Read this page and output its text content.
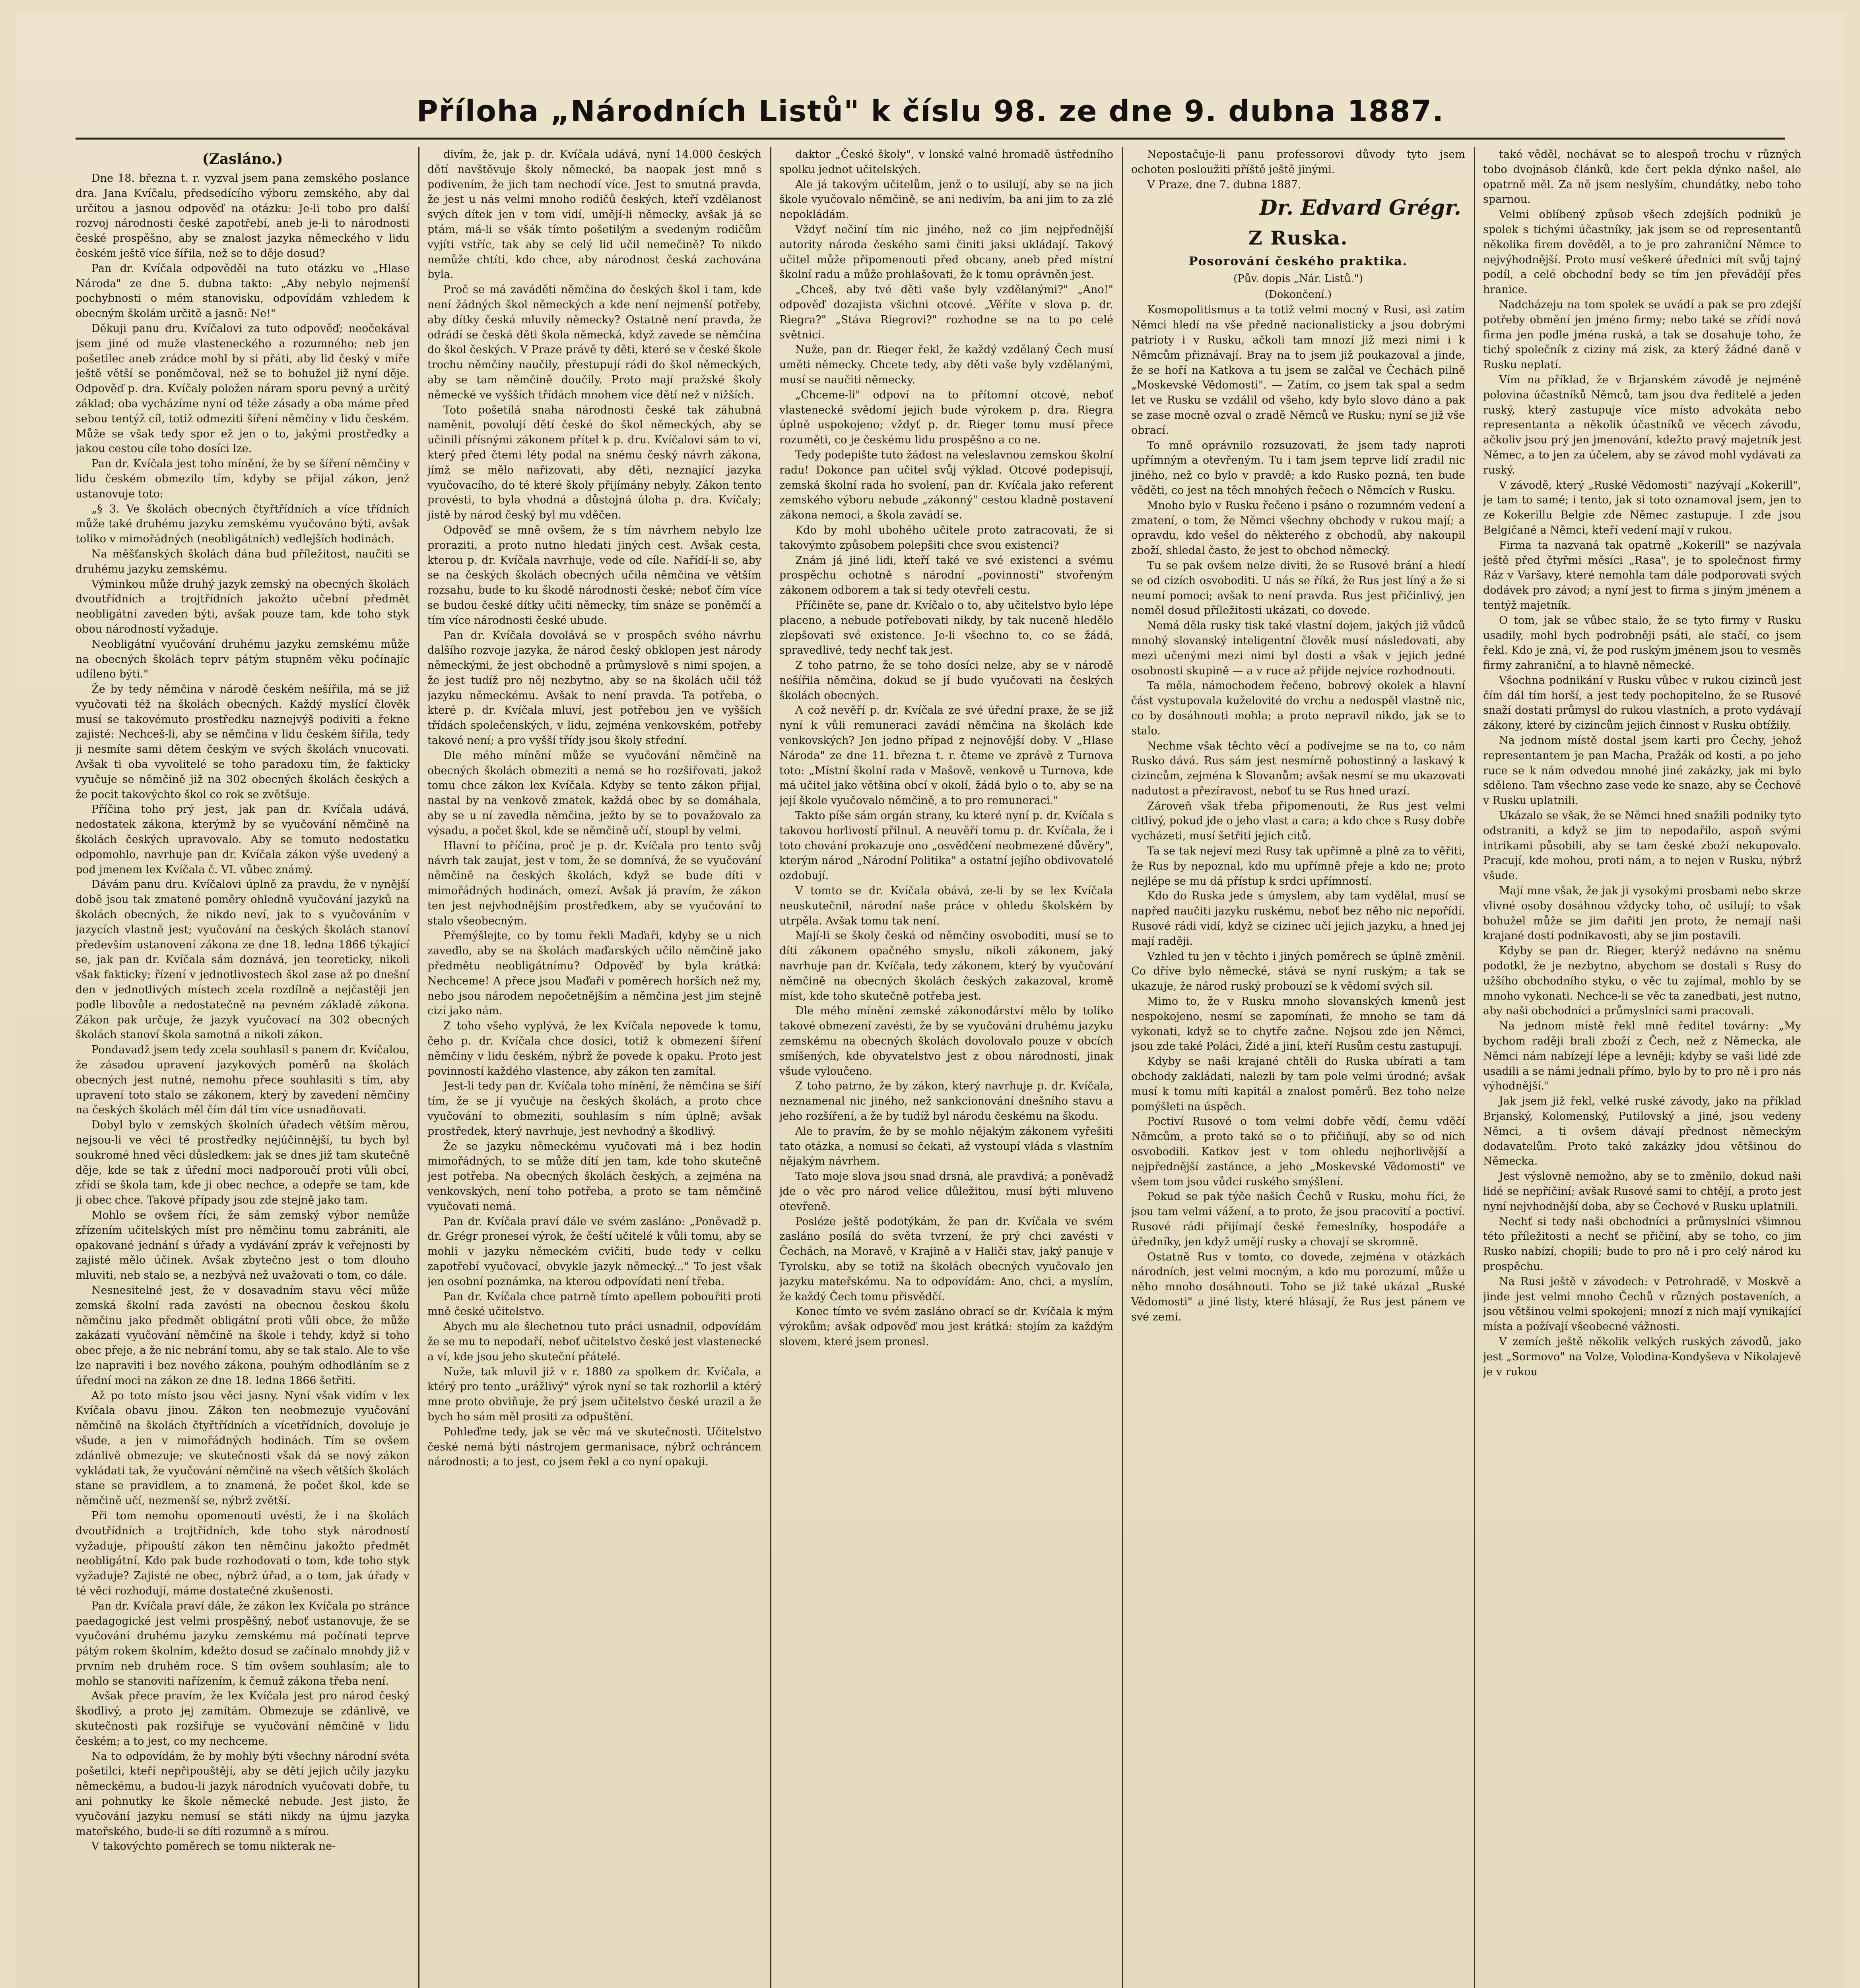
Příloha „Národních Listů" k číslu 98. ze dne 9. dubna 1887.

(Zasláno.)

Dne 18. března t. r. vyzval jsem pana zemského poslance dra. Jana Kvíčalu, předsedícího výboru zemského, aby dal určitou a jasnou odpověď na otázku: Je-li tobo pro další rozvoj národnosti české zapotřebí, aneb je-li to národnosti české prospěšno, aby se znalost jazyka německého v lidu českém ještě více šířila, než se to děje dosud?

Pan dr. Kvíčala odpověděl na tuto otázku ve „Hlase Národa" ze dne 5. dubna takto: „Aby nebylo nejmenší pochybnosti o mém stanovisku, odpovídám vzhledem k obecným školám určitě a jasně: Ne!"

Děkuji panu dru. Kvíčalovi za tuto odpověď; neočekával jsem jiné od muže vlasteneckého a rozumného; neb jen pošetilec aneb zrádce mohl by si přáti, aby lid český v míře ještě větší se poněmčoval, než se to bohužel již nyní děje. Odpověď p. dra. Kvíčaly položen náram sporu pevný a určitý základ; oba vycházíme nyní od téže zásady a oba máme před sebou tentýž cíl, totiž odmeziti šíření němčiny v lidu českém. Může se však tedy spor ež jen o to, jakými prostředky a jakou cestou cíle toho dosíci lze.

Pan dr. Kvíčala jest toho mínění, že by se šíření němčiny v lidu českém obmezilo tím, kdyby se přijal zákon, jenž ustanovuje toto:

„§ 3. Ve školách obecných čtyřtřídních a více třídních může také druhému jazyku zemskému vyučováno býti, avšak toliko v mimořádných (neobligátních) vedlejších hodinách.

Na měšťanských školách dána bud příležitost, naučiti se druhému jazyku zemskému.

Výminkou může druhý jazyk zemský na obecných školách dvoutřídních a trojtřídních jakožto učební předmět neobligátní zaveden býti, avšak pouze tam, kde toho styk obou národností vyžaduje.

Neobligátní vyučování druhému jazyku zemskému může na obecných školách teprv pátým stupněm věku počínajíc udíleno býti."

Že by tedy němčina v národě českém nešířila, má se již vyučovati též na školách obecných. Každý myslící člověk musí se takovémuto prostředku naznejvýš podiviti a řekne zajisté: Nechceš-li, aby se němčina v lidu českém šířila, tedy ji nesmíte sami dětem českým ve svých školách vnucovati. Avšak ti oba vyvolitelé se toho paradoxu tím, že fakticky vyučuje se němčině již na 302 obecných školách českých a že pocit takovýchto škol co rok se zvětšuje.

Příčina toho prý jest, jak pan dr. Kvíčala udává, nedostatek zákona, kterýmž by se vyučování němčině na školách českých upravovalo. Aby se tomuto nedostatku odpomohlo, navrhuje pan dr. Kvíčala zákon výše uvedený a pod jmenem lex Kvíčala č. VI. vůbec známý.

Dávám panu dru. Kvíčalovi úplně za pravdu, že v nynější době jsou tak zmatené poměry ohledně vyučování jazyků na školách obecných, že nikdo neví, jak to s vyučováním v jazycích vlastně jest; vyučování na českých školách stanoví především ustanovení zákona ze dne 18. ledna 1866 týkající se, jak pan dr. Kvíčala sám doznává, jen teoreticky, nikoli však fakticky; řízení v jednotlivostech škol zase až po dnešní den v jednotlivých místech zcela rozdílně a nejčastěji jen podle libovůle a nedostatečně na pevném základě zákona. Zákon pak určuje, že jazyk vyučovací na 302 obecných školách stanoví škola samotná a nikoli zákon.

Pondavadž jsem tedy zcela souhlasil s panem dr. Kvíčalou, že zásadou upravení jazykových poměrů na školách obecných jest nutné, nemohu přece souhlasiti s tím, aby upravení toto stalo se zákonem, který by zavedení němčiny na českých školách měl čím dál tím více usnadňovati.

Dobyl bylo v zemských školních úřadech větším měrou, nejsou-li ve věci té prostředky nejúčinnější, tu bych byl soukromé hned věci důsledkem: jak se dnes již tam skutečně děje, kde se tak z úřední moci nadporoučí proti vůli obcí, zřídí se škola tam, kde ji obec nechce, a odepře se tam, kde ji obec chce. Takové případy jsou zde stejně jako tam.

Mohlo se ovšem říci, že sám zemský výbor nemůže zřízením učitelských míst pro němčinu tomu zabrániti, ale opakované jednání s úřady a vydávání zpráv k veřejnosti by zajisté mělo účinek. Avšak zbytečno jest o tom dlouho mluviti, neb stalo se, a nezbývá než uvažovati o tom, co dále.

Nesnesitelné jest, že v dosavadním stavu věcí může zemská školní rada zavésti na obecnou českou školu němčinu jako předmět obligátní proti vůli obce, že může zakázati vyučování němčině na škole i tehdy, když si toho obec přeje, a že nic nebrání tomu, aby se tak stalo. Ale to vše lze napraviti i bez nového zákona, pouhým odhodláním se z úřední moci na zákon ze dne 18. ledna 1866 šetřiti.

Až po toto místo jsou věci jasny. Nyní však vidím v lex Kvíčala obavu jinou. Zákon ten neobmezuje vyučování němčině na školách čtyřtřídních a vícetřídních, dovoluje je všude, a jen v mimořádných hodinách. Tím se ovšem zdánlivě obmezuje; ve skutečnosti však dá se nový zákon vykládati tak, že vyučování němčině na všech větších školách stane se pravidlem, a to znamená, že počet škol, kde se němčině učí, nezmenší se, nýbrž zvětší.

Při tom nemohu opomenouti uvésti, že i na školách dvoutřídních a trojtřídních, kde toho styk národností vyžaduje, připouští zákon ten němčinu jakožto předmět neobligátní. Kdo pak bude rozhodovati o tom, kde toho styk vyžaduje? Zajisté ne obec, nýbrž úřad, a o tom, jak úřady v té věci rozhodují, máme dostatečné zkušenosti.

Pan dr. Kvíčala praví dále, že zákon lex Kvíčala po stránce paedagogické jest velmi prospěšný, neboť ustanovuje, že se vyučování druhému jazyku zemskému má počínati teprve pátým rokem školním, kdežto dosud se začínalo mnohdy již v prvním neb druhém roce. S tím ovšem souhlasím; ale to mohlo se stanoviti nařízením, k čemuž zákona třeba není.

Avšak přece pravím, že lex Kvíčala jest pro národ český škodlivý, a proto jej zamítám. Obmezuje se zdánlivě, ve skutečnosti pak rozšiřuje se vyučování němčině v lidu českém; a to jest, co my nechceme.

Na to odpovídám, že by mohly býti všechny národní svéta pošetilci, kteří nepřipouštějí, aby se dětí jejich učily jazyku německému, a budou-li jazyk národních vyučovati dobře, tu ani pohnutky ke škole německé nebude. Jest jisto, že vyučování jazyku nemusí se státi nikdy na újmu jazyka mateřského, bude-li se díti rozumně a s mírou.

V takovýchto poměrech se tomu nikterak ne-

divím, že, jak p. dr. Kvíčala udává, nyní 14.000 českých dětí navštěvuje školy německé, ba naopak jest mně s podivením, že jich tam nechodí více. Jest to smutná pravda, že jest u nás velmi mnoho rodičů českých, kteří vzdělanost svých dítek jen v tom vidí, umějí-li německy, avšak já se ptám, má-li se všák tímto pošetilým a svedeným rodičům vyjíti vstříc, tak aby se celý lid učil nemečině? To nikdo nemůže chtíti, kdo chce, aby národnost česká zachována byla.

Proč se má zaváděti němčina do českých škol i tam, kde není žádných škol německých a kde není nejmenší potřeby, aby dítky česká mluvily německy? Ostatně není pravda, že odrádí se česká děti škola německá, když zavede se němčina do škol českých. V Praze právě ty děti, které se v české škole trochu němčiny naučily, přestupují rádi do škol německých, aby se tam němčině doučily. Proto mají pražské školy německé ve vyšších třídách mnohem více dětí než v nižších.

Toto pošetilá snaha národnosti české tak záhubná naměnit, povolují dětí české do škol německých, aby se učinili přísnými zákonem přítel k p. dru. Kvíčalovi sám to ví, který před čtemi léty podal na snému český návrh zákona, jímž se mělo nařizovati, aby děti, neznající jazyka vyučovacího, do té které školy přijímány nebyly. Zákon tento provésti, to byla vhodná a důstojná úloha p. dra. Kvíčaly; jistě by národ český byl mu vděčen.

Odpověď se mně ovšem, že s tím návrhem nebylo lze proraziti, a proto nutno hledati jiných cest. Avšak cesta, kterou p. dr. Kvíčala navrhuje, vede od cíle. Nařídí-li se, aby se na českých školách obecných učila němčina ve větším rozsahu, bude to ku škodě národnosti české; neboť čím více se budou české dítky učiti německy, tím snáze se poněmčí a tím více národnosti české ubude.

Pan dr. Kvíčala dovolává se v prospěch svého návrhu dalšího rozvoje jazyka, že národ český obklopen jest národy německými, že jest obchodně a průmyslově s nimi spojen, a že jest tudíž pro něj nezbytno, aby se na školách učil též jazyku německému. Avšak to není pravda. Ta potřeba, o které p. dr. Kvíčala mluví, jest potřebou jen ve vyšších třídách společenských, v lidu, zejména venkovském, potřeby takové není; a pro vyšší třídy jsou školy střední.

Dle mého mínění může se vyučování němčině na obecných školách obmeziti a nemá se ho rozšiřovati, jakož tomu chce zákon lex Kvíčala. Kdyby se tento zákon přijal, nastal by na venkově zmatek, každá obec by se domáhala, aby se u ní zavedla němčina, ježto by se to považovalo za výsadu, a počet škol, kde se němčině učí, stoupl by velmi.

Hlavní to příčina, proč je p. dr. Kvíčala pro tento svůj návrh tak zaujat, jest v tom, že se domnívá, že se vyučování němčině na českých školách, když se bude díti v mimořádných hodinách, omezí. Avšak já pravím, že zákon ten jest nejvhodnějším prostředkem, aby se vyučování to stalo všeobecným.

Přemýšlejte, co by tomu řekli Maďaři, kdyby se u nich zavedlo, aby se na školách maďarských učilo němčině jako předmětu neobligátnímu? Odpověď by byla krátká: Nechceme! A přece jsou Maďaři v poměrech horších než my, nebo jsou národem nepočetnějším a němčina jest jim stejně cizí jako nám.

Z toho všeho vyplývá, že lex Kvíčala nepovede k tomu, čeho p. dr. Kvíčala chce dosíci, totiž k obmezení šíření němčiny v lidu českém, nýbrž že povede k opaku. Proto jest povinností každého vlastence, aby zákon ten zamítal.

Jest-li tedy pan dr. Kvíčala toho mínění, že němčina se šíří tím, že se jí vyučuje na českých školách, a proto chce vyučování to obmeziti, souhlasím s ním úplně; avšak prostředek, který navrhuje, jest nevhodný a škodlivý.

Že se jazyku německému vyučovati má i bez hodin mimořádných, to se může dítí jen tam, kde toho skutečně jest potřeba. Na obecných školách českých, a zejména na venkovských, není toho potřeba, a proto se tam němčině vyučovati nemá.

Pan dr. Kvíčala praví dále ve svém zasláno: „Poněvadž p. dr. Grégr proneseí výrok, že čeští učitelé k vůli tomu, aby se mohli v jazyku německém cvičiti, bude tedy v celku zapotřebí vyučovací, obvykle jazyk německý..." To jest však jen osobní poznámka, na kterou odpovídati není třeba.

Pan dr. Kvíčala chce patrně tímto apellem pobouřiti proti mně české učitelstvo.

Abych mu ale šlechetnou tuto práci usnadnil, odpovídám že se mu to nepodaří, neboť učitelstvo české jest vlastenecké a ví, kde jsou jeho skuteční přátelé.

Nuže, tak mluvil již v r. 1880 za spolkem dr. Kvíčala, a ktérý pro tento „urážlivý" výrok nyní se tak rozhorlil a ktérý mne proto obviňuje, že prý jsem učitelstvo české urazil a že bych ho sám měl prositi za odpuštění.

Pohleďme tedy, jak se věc má ve skutečnosti. Učitelstvo české nemá býti nástrojem germanisace, nýbrž ochráncem národnosti; a to jest, co jsem řekl a co nyní opakuji.

daktor „České školy", v lonské valné hromadě ústředního spolku jednot učitelských.

Ale já takovým učitelům, jenž o to usilují, aby se na jich škole vyučovalo němčině, se ani nedivím, ba ani jim to za zlé nepokládám.

Vždyť nečiní tím nic jiného, než co jim nejpřednější autority národa českého sami činiti jaksi ukládají. Takový učitel může připomenouti před obcany, aneb před místní školní radu a může prohlašovati, že k tomu oprávněn jest.

„Chceš, aby tvé děti vaše byly vzdělanými?" „Ano!" odpověď dozajista všichni otcové. „Věříte v slova p. dr. Riegra?" „Stáva Riegrovi?" rozhodne se na to po celé světnici.

Nuže, pan dr. Rieger řekl, že každý vzdělaný Čech musí uměti německy. Chcete tedy, aby děti vaše byly vzdělanými, musí se naučiti německy.

„Chceme-li" odpoví na to přítomní otcové, neboť vlastenecké svědomí jejich bude výrokem p. dra. Riegra úplně uspokojeno; vždyť p. dr. Rieger tomu musí přece rozuměti, co je českému lidu prospěšno a co ne.

Tedy podepište tuto žádost na veleslavnou zemskou školní radu! Dokonce pan učitel svůj výklad. Otcové podepisují, zemská školní rada ho svolení, pan dr. Kvíčala jako referent zemského výboru nebude „zákonný" cestou kladně postavení zákona nemoci, a škola zavádí se.

Kdo by mohl ubohého učitele proto zatracovati, že si takovýmto způsobem polepšiti chce svou existenci?

Znám já jiné lidi, kteří také ve své existenci a svému prospěchu ochotně s národní „povinností" stvořeným zákonem odborem a tak si tedy otevřeli cestu.

Příčiněte se, pane dr. Kvíčalo o to, aby učitelstvo bylo lépe placeno, a nebude potřebovati nikdy, by tak nuceně hledělo zlepšovati své existence. Je-li všechno to, co se žádá, spravedlivé, tedy nechť tak jest.

Z toho patrno, že se toho dosíci nelze, aby se v národě nešířila němčina, dokud se jí bude vyučovati na českých školách obecných.

A což nevěří p. dr. Kvíčala ze své úřední praxe, že se již nyní k vůli remuneraci zavádí němčina na školách kde venkovských? Jen jedno případ z nejnovější doby. V „Hlase Národa" ze dne 11. března t. r. čteme ve zprávě z Turnova toto: „Místní školní rada v Mašově, venkově u Turnova, kde má učitel jako většina obcí v okolí, žádá bylo o to, aby se na její škole vyučovalo němčině, a to pro remuneraci."

Takto píše sám orgán strany, ku které nyní p. dr. Kvíčala s takovou horlivostí přilnul. A neuvěří tomu p. dr. Kvíčala, že i toto chování prokazuje ono „osvědčení neobmezené důvěry", kterým národ „Národní Politika" a ostatní jejího obdivovatelé ozdobují.

V tomto se dr. Kvíčala obává, ze-li by se lex Kvíčala neuskutečnil, národní naše práce v ohledu školském by utrpěla. Avšak tomu tak není.

Mají-li se školy česká od němčiny osvoboditi, musí se to díti zákonem opačného smyslu, nikoli zákonem, jaký navrhuje pan dr. Kvíčala, tedy zákonem, který by vyučování němčině na obecných školách českých zakazoval, kromě míst, kde toho skutečně potřeba jest.

Dle mého mínění zemské zákonodárství mělo by toliko takové obmezení zavésti, že by se vyučování druhému jazyku zemskému na obecných školách dovolovalo pouze v obcích smíšených, kde obyvatelstvo jest z obou národností, jinak všude vyloučeno.

Z toho patrno, že by zákon, který navrhuje p. dr. Kvíčala, neznamenal nic jiného, než sankcionování dnešního stavu a jeho rozšíření, a že by tudíž byl národu českému na škodu.

Ale to pravím, že by se mohlo nějakým zákonem vyřešiti tato otázka, a nemusí se čekati, až vystoupí vláda s vlastním nějakým návrhem.

Tato moje slova jsou snad drsná, ale pravdivá; a poněvadž jde o věc pro národ velice důležitou, musí býti mluveno otevřeně.

Posléze ještě podotýkám, že pan dr. Kvíčala ve svém zasláno posílá do světa tvrzení, že prý chci zavésti v Čechách, na Moravě, v Krajině a v Haliči stav, jaký panuje v Tyrolsku, aby se totiž na školách obecných vyučovalo jen jazyku mateřskému. Na to odpovídám: Ano, chci, a myslím, že každý Čech tomu přisvědčí.

Konec tímto ve svém zasláno obrací se dr. Kvíčala k mým výrokům; avšak odpověď mou jest krátká: stojím za každým slovem, které jsem pronesl.

Nepostačuje-li panu professorovi důvody tyto jsem ochoten posloužiti příště ještě jinými.

V Praze, dne 7. dubna 1887.

Dr. Edvard Grégr.

Z Ruska.

Posorování českého praktika.

(Pův. dopis „Nár. Listů.")

(Dokončení.)

Kosmopolitismus a ta totiž velmi mocný v Rusi, asi zatím Němci hledí na vše předně nacionalisticky a jsou dobrými patrioty i v Rusku, ačkoli tam mnozí již mezi nimi i k Němcům přiznávají. Bray na to jsem již poukazoval a jinde, že se hoří na Katkova a tu jsem se zalčal ve Čechách pilně „Moskevské Vědomosti". — Zatím, co jsem tak spal a sedm let ve Rusku se vzdálil od všeho, kdy bylo slovo dáno a pak se zase mocně ozval o zradě Němců ve Rusku; nyní se již vše obrací.

To mně oprávnilo rozsuzovati, že jsem tady naproti upřímným a otevřeným. Tu i tam jsem teprve lidí zradil nic jiného, než co bylo v pravdě; a kdo Rusko pozná, ten bude věděti, co jest na těch mnohých řečech o Němcích v Rusku.

Mnoho bylo v Rusku řečeno i psáno o rozumném vedení a zmatení, o tom, že Němci všechny obchody v rukou mají; a opravdu, kdo vešel do některého z obchodů, aby nakoupil zboží, shledal často, že jest to obchod německý.

Tu se pak ovšem nelze diviti, že se Rusové brání a hledí se od cizích osvoboditi. U nás se říká, že Rus jest líný a že si neumí pomoci; avšak to není pravda. Rus jest přičinlivý, jen neměl dosud příležitosti ukázati, co dovede.

Nemá děla rusky tisk také vlastní dojem, jakých již vůdců mnohý slovanský inteligentní člověk musí následovati, aby mezi učenými mezi nimi byl dosti a však v jejich jedné osobnosti skupině — a v ruce až přijde nejvíce rozhodnouti.

Ta měla, námochodem řečeno, bobrový okolek a hlavní část vystupovala kuželovité do vrchu a nedospěl vlastně nic, co by dosáhnouti mohla; a proto nepravil nikdo, jak se to stalo.

Nechme však těchto věcí a podívejme se na to, co nám Rusko dává. Rus sám jest nesmírně pohostinný a laskavý k cizincům, zejména k Slovanům; avšak nesmí se mu ukazovati nadutost a přezíravost, neboť tu se Rus hned urazí.

Zároveň však třeba připomenouti, že Rus jest velmi citlivý, pokud jde o jeho vlast a cara; a kdo chce s Rusy dobře vycházeti, musí šetřiti jejich citů.

Ta se tak nejeví mezi Rusy tak upřímně a plně za to věřiti, že Rus by nepoznal, kdo mu upřímně přeje a kdo ne; proto nejlépe se mu dá přístup k srdci upřímností.

Kdo do Ruska jede s úmyslem, aby tam vydělal, musí se napřed naučiti jazyku ruskému, neboť bez něho nic nepořídí. Rusové rádi vidí, když se cizinec učí jejich jazyku, a hned jej mají raději.

Vzhled tu jen v těchto i jiných poměrech se úplně změnil. Co dříve bylo německé, stává se nyní ruským; a tak se ukazuje, že národ ruský probouzí se k vědomí svých sil.

Mimo to, že v Rusku mnoho slovanských kmenů jest nespokojeno, nesmí se zapomínati, že mnoho se tam dá vykonati, když se to chytře začne. Nejsou zde jen Němci, jsou zde také Poláci, Židé a jiní, kteří Rusům cestu zastupují.

Kdyby se naši krajané chtěli do Ruska ubírati a tam obchody zakládati, nalezli by tam pole velmi úrodné; avšak musí k tomu míti kapitál a znalost poměrů. Bez toho nelze pomýšleti na úspěch.

Poctiví Rusové o tom velmi dobře vědí, čemu vděčí Němcům, a proto také se o to přičiňují, aby se od nich osvobodili. Katkov jest v tom ohledu nejhorlivější a nejpřednější zastánce, a jeho „Moskevské Vědomosti" ve všem tom jsou vůdci ruského smýšlení.

Pokud se pak týče našich Čechů v Rusku, mohu říci, že jsou tam velmi vážení, a to proto, že jsou pracovití a poctiví. Rusové rádi přijímají české řemeslníky, hospodáře a úředníky, jen když umějí rusky a chovají se skromně.

Ostatně Rus v tomto, co dovede, zejména v otázkách národních, jest velmi mocným, a kdo mu porozumí, může u něho mnoho dosáhnouti. Toho se již také ukázal „Ruské Vědomosti" a jiné listy, které hlásají, že Rus jest pánem ve své zemi.

také věděl, nechávat se to alespoň trochu v různých tobo dvojnásob článků, kde čert pekla dýnko našel, ale opatrně měl. Za ně jsem neslyším, chundátky, nebo toho sparnou.

Velmi oblíbený způsob všech zdejších podniků je spolek s tichými účastníky, jak jsem se od representantů několika firem dověděl, a to je pro zahraniční Němce to nejvýhodnější. Proto musí veškeré úředníci mít svůj tajný podíl, a celé obchodní bedy se tím jen převádějí přes hranice.

Nadcházeju na tom spolek se uvádí a pak se pro zdejší potřeby obmění jen jméno firmy; nebo také se zřídí nová firma jen podle jména ruská, a tak se dosahuje toho, že tichý společník z ciziny má zisk, za který žádné daně v Rusku neplatí.

Vím na příklad, že v Brjanském závodě je nejméně polovina účastníků Němců, tam jsou dva ředitelé a jeden ruský, který zastupuje více místo advokáta nebo representanta a několik účastníků ve věcech závodu, ačkoliv jsou prý jen jmenování, kdežto pravý majetník jest Němec, a to jen za účelem, aby se závod mohl vydávati za ruský.

V závodě, který „Ruské Vědomosti" nazývají „Kokerill", je tam to samé; i tento, jak si toto oznamoval jsem, jen to ze Kokerillu Belgie zde Němec zastupuje. I zde jsou Belgičané a Němci, kteří vedení mají v rukou.

Firma ta nazvaná tak opatrně „Kokerill" se nazývala ještě před čtyřmi měsíci „Rasa", je to společnost firmy Ráz v Varšavy, které nemohla tam dále podporovati svých dodávek pro závod; a nyní jest to firma s jiným jménem a tentýž majetník.

O tom, jak se vůbec stalo, že se tyto firmy v Rusku usadily, mohl bych podrobněji psáti, ale stačí, co jsem řekl. Kdo je zná, ví, že pod ruským jménem jsou to vesměs firmy zahraniční, a to hlavně německé.

Všechna podnikání v Rusku vůbec v rukou cizinců jest čím dál tím horší, a jest tedy pochopitelno, že se Rusové snaží dostati průmysl do rukou vlastních, a proto vydávají zákony, které by cizincům jejich činnost v Rusku obtížily.

Na jednom místě dostal jsem karti pro Čechy, jehož representantem je pan Macha, Pražák od kosti, a po jeho ruce se k nám odvedou mnohé jiné zakázky, jak mi bylo sděleno. Tam všechno zase vede ke snaze, aby se Čechové v Rusku uplatnili.

Ukázalo se však, že se Němci hned snažili podniky tyto odstraniti, a když se jim to nepodařilo, aspoň svými intrikami působili, aby se tam české zboží nekupovalo. Pracují, kde mohou, proti nám, a to nejen v Rusku, nýbrž všude.

Mají mne však, že jak ji vysokými prosbami nebo skrze vlivné osoby dosáhnou vždycky toho, oč usilují; to však bohužel může se jim dařiti jen proto, že nemají naši krajané dosti podnikavosti, aby se jim postavili.

Kdyby se pan dr. Rieger, kterýž nedávno na sněmu podotkl, že je nezbytno, abychom se dostali s Rusy do užšího obchodního styku, o věc tu zajímal, mohlo by se mnoho vykonati. Nechce-li se věc ta zanedbati, jest nutno, aby naši obchodníci a průmyslníci sami pracovali.

Na jednom místě řekl mně ředitel továrny: „My bychom raději brali zboží z Čech, než z Německa, ale Němci nám nabízejí lépe a levněji; kdyby se vaši lidé zde usadili a se námi jednali přímo, bylo by to pro ně i pro nás výhodnější."

Jak jsem již řekl, velké ruské závody, jako na příklad Brjanský, Kolomenský, Putilovský a jiné, jsou vedeny Němci, a ti ovšem dávají přednost německým dodavatelům. Proto také zakázky jdou většinou do Německa.

Jest výslovně nemožno, aby se to změnilo, dokud naši lidé se nepřičiní; avšak Rusové sami to chtějí, a proto jest nyní nejvhodnější doba, aby se Čechové v Rusku uplatnili.

Nechť si tedy naši obchodníci a průmyslníci všimnou této příležitosti a nechť se přičiní, aby se toho, co jim Rusko nabízí, chopili; bude to pro ně i pro celý národ ku prospěchu.

Na Rusi ještě v závodech: v Petrohradě, v Moskvě a jinde jest velmi mnoho Čechů v různých postaveních, a jsou většinou velmi spokojeni; mnozí z nich mají vynikající místa a požívají všeobecné vážnosti.

V zemích ještě několik velkých ruských závodů, jako jest „Sormovo" na Volze, Volodina-Kondyševa v Nikolajevě je v rukou
